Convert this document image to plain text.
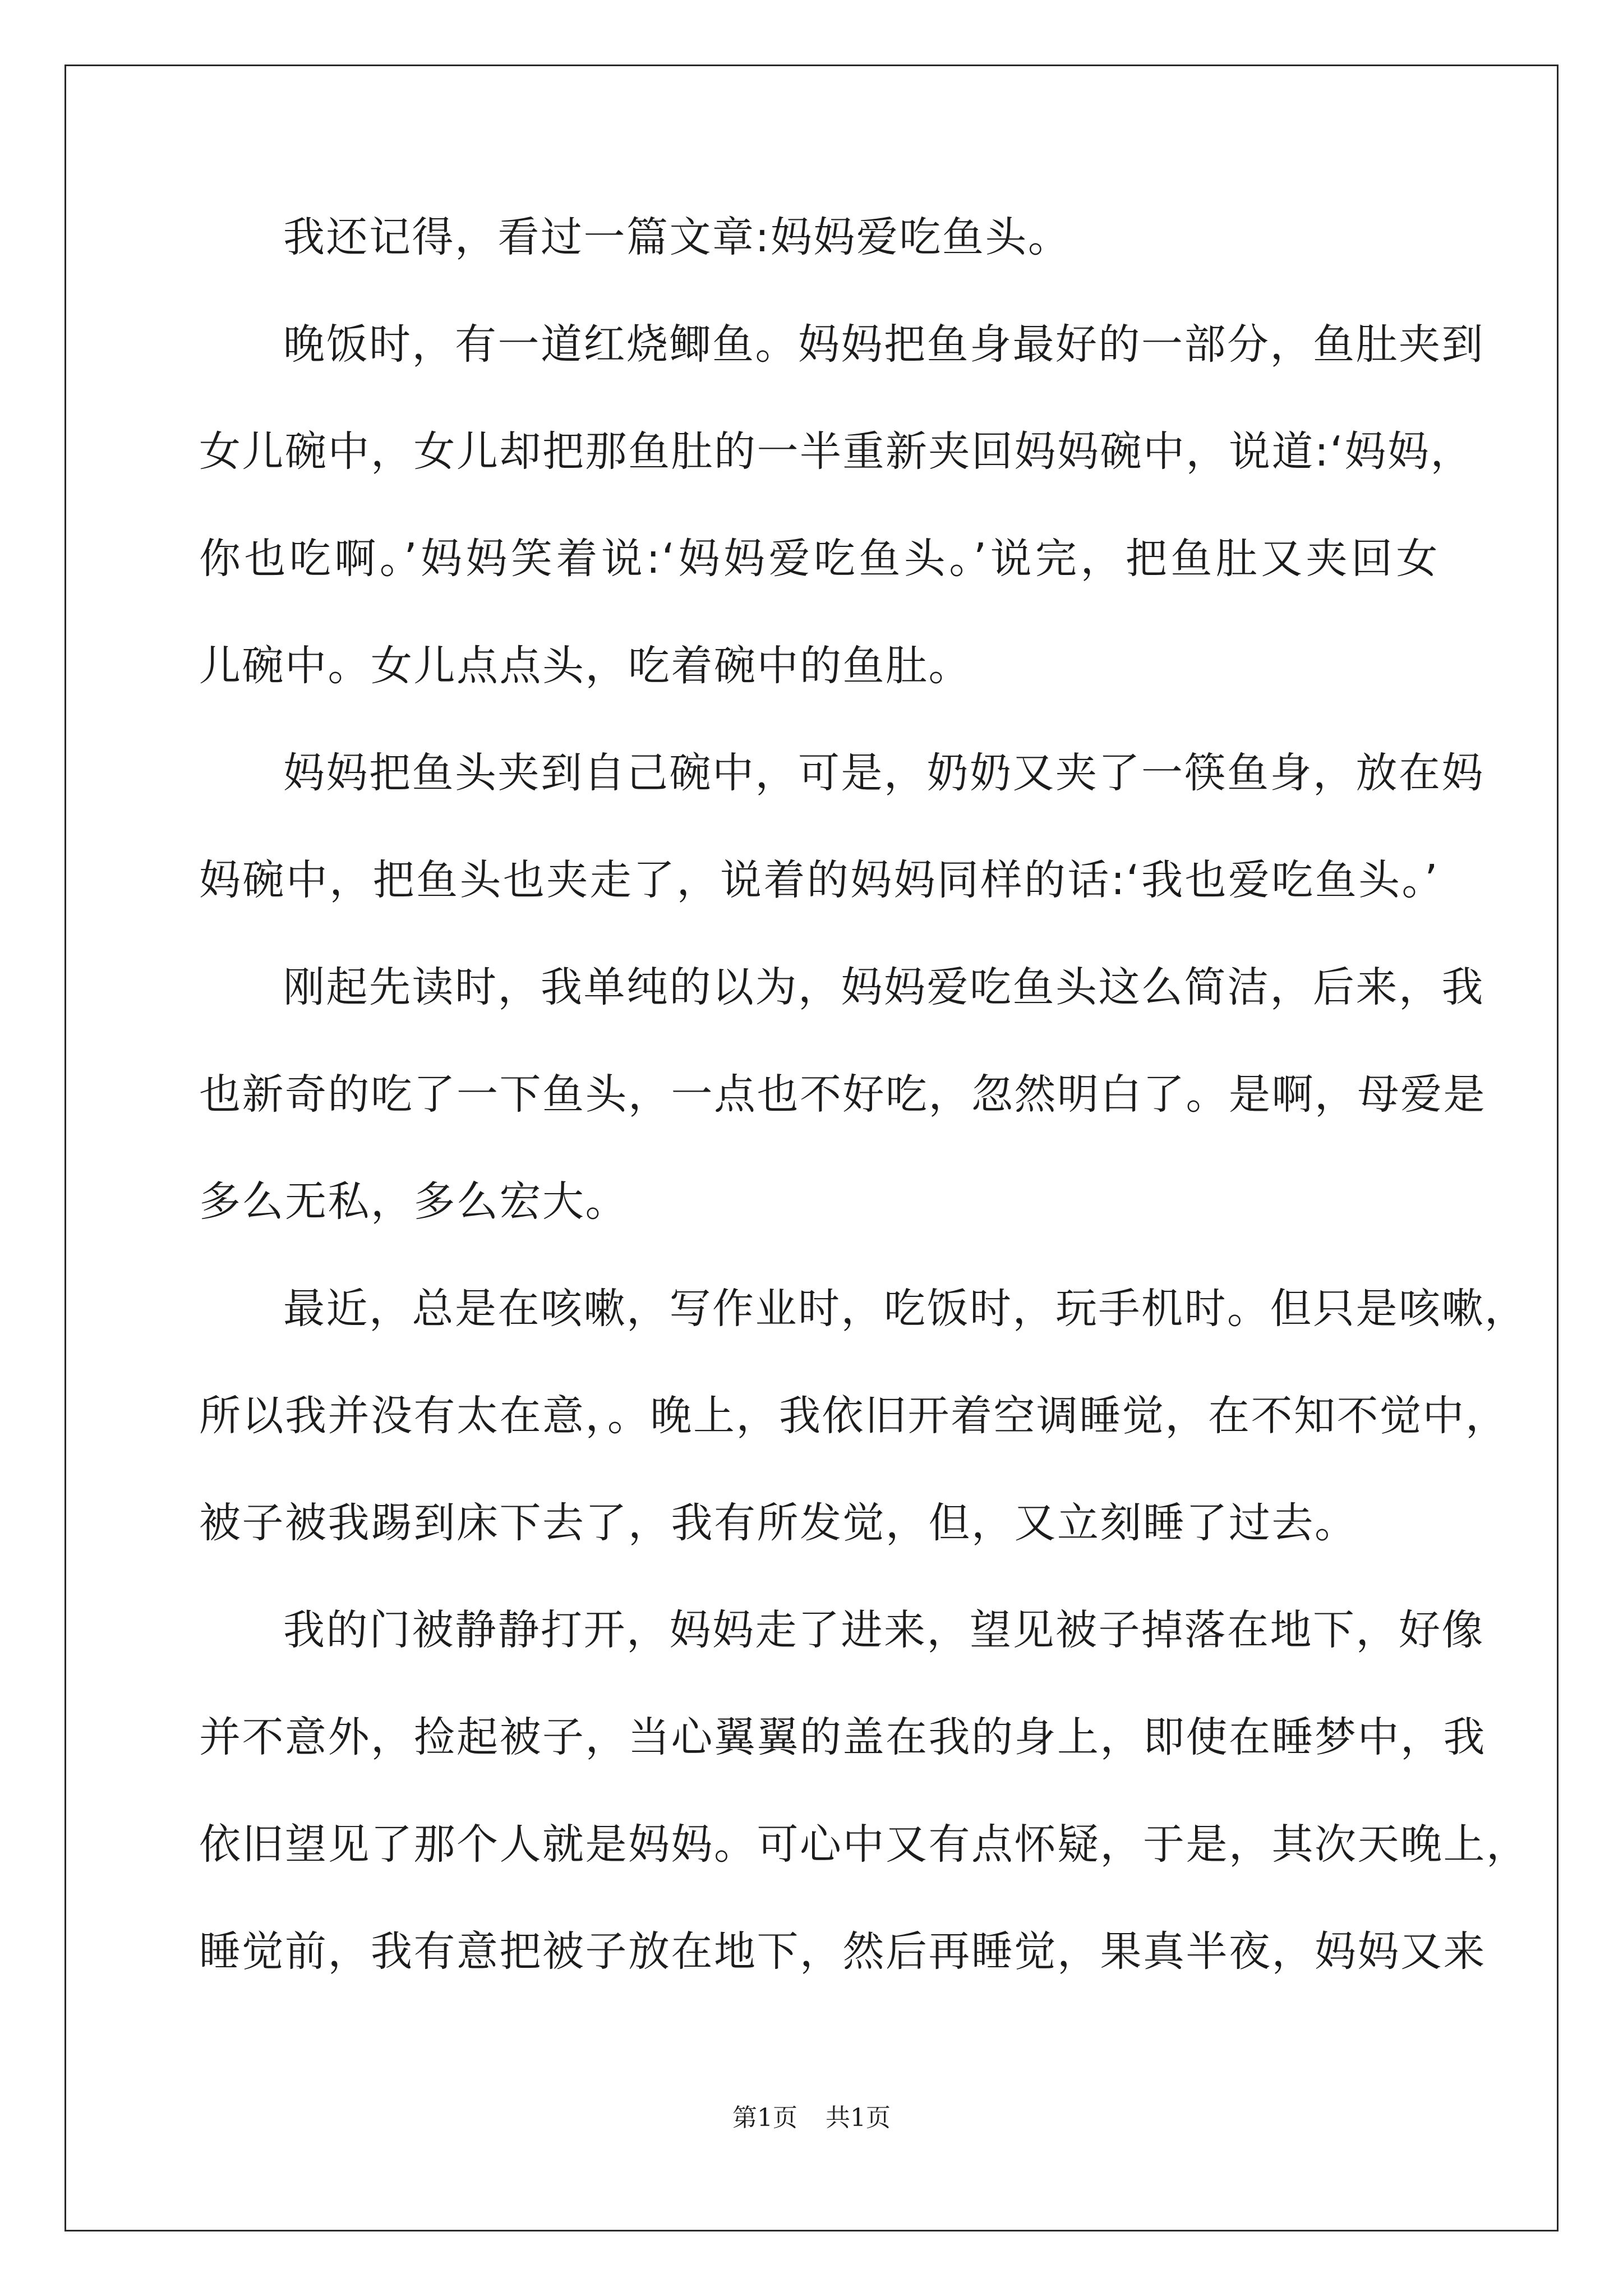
我还记得，看过一篇文章:妈妈爱吃鱼头。
晚饭时，有一道红烧鲫鱼。妈妈把鱼身最好的一部分，鱼肚夹到
女儿碗中，女儿却把那鱼肚的一半重新夹回妈妈碗中，说道:‘妈妈，
你也吃啊。’妈妈笑着说:‘妈妈爱吃鱼头。’说完，把鱼肚又夹回女
儿碗中。女儿点点头，吃着碗中的鱼肚。
妈妈把鱼头夹到自己碗中，可是，奶奶又夹了一筷鱼身，放在妈
妈碗中，把鱼头也夹走了，说着的妈妈同样的话:‘我也爱吃鱼头。’
刚起先读时，我单纯的以为，妈妈爱吃鱼头这么简洁，后来，我
也新奇的吃了一下鱼头，一点也不好吃，忽然明白了。是啊，母爱是
多么无私，多么宏大。
最近，总是在咳嗽，写作业时，吃饭时，玩手机时。但只是咳嗽，
所以我并没有太在意，。晚上，我依旧开着空调睡觉，在不知不觉中，
被子被我踢到床下去了，我有所发觉，但，又立刻睡了过去。
我的门被静静打开，妈妈走了进来，望见被子掉落在地下，好像
并不意外，捡起被子，当心翼翼的盖在我的身上，即使在睡梦中，我
依旧望见了那个人就是妈妈。可心中又有点怀疑，于是，其次天晚上，
睡觉前，我有意把被子放在地下，然后再睡觉，果真半夜，妈妈又来
第1页 共1页
